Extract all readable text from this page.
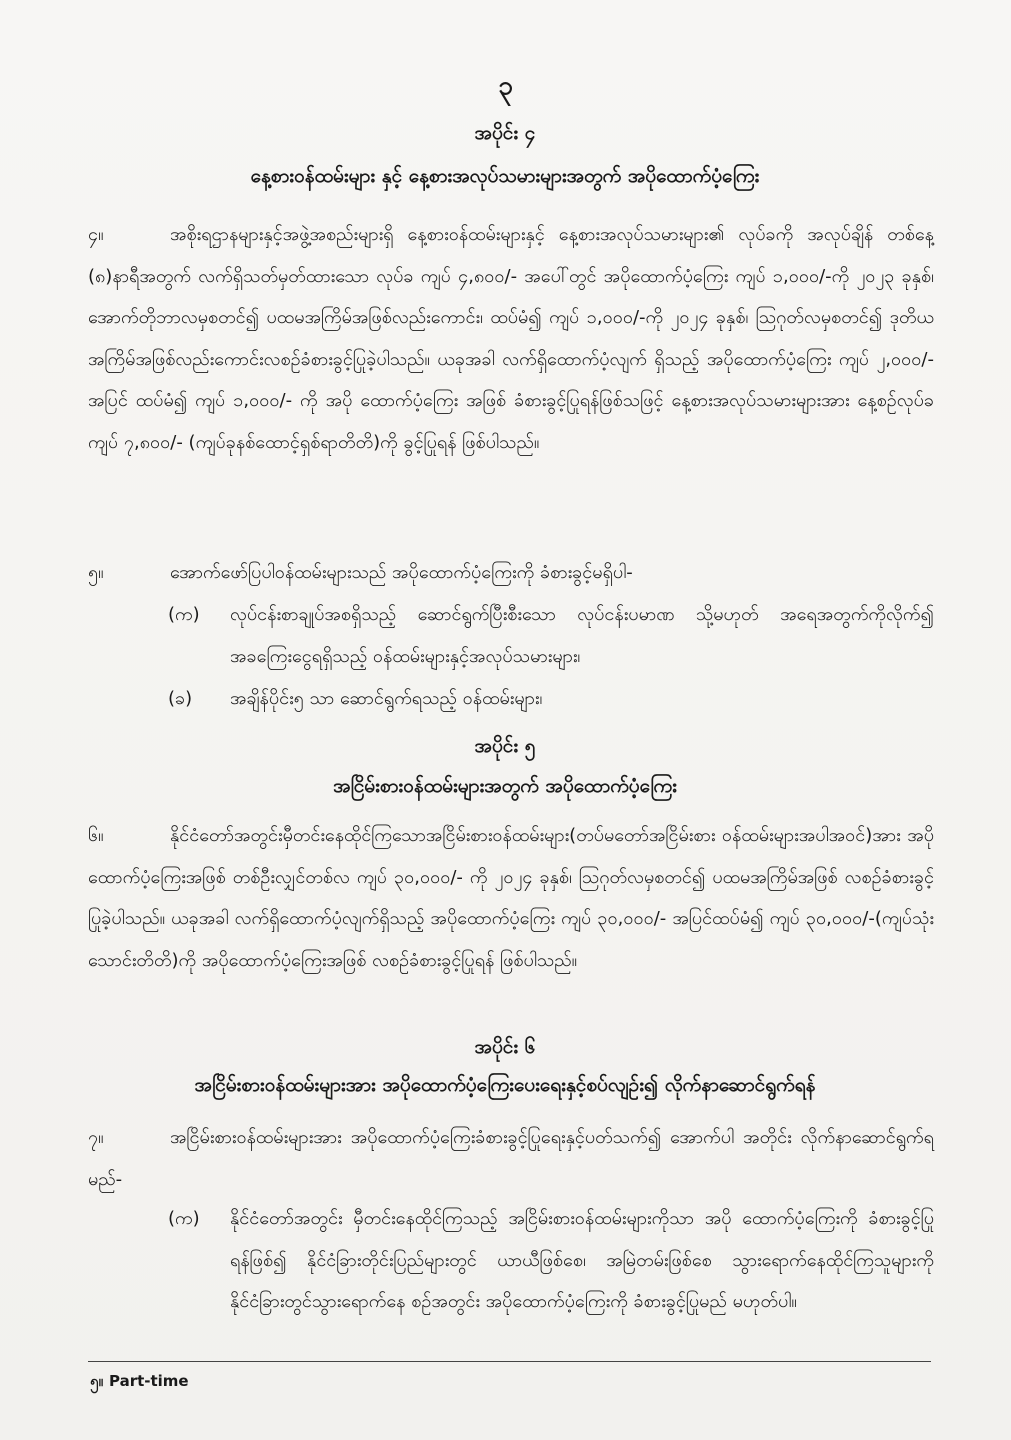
၃
အပိုင်း ၄
နေ့စားဝန်ထမ်းများ နှင့် နေ့စားအလုပ်သမားများအတွက် အပိုထောက်ပံ့ကြေး
၄။	အစိုးရဌာနများနှင့်အဖွဲ့အစည်းများရှိ နေ့စားဝန်ထမ်းများနှင့် နေ့စားအလုပ်သမားများ၏ လုပ်ခကို အလုပ်ချိန် တစ်နေ့ (၈)နာရီအတွက် လက်ရှိသတ်မှတ်ထားသော လုပ်ခ ကျပ် ၄,၈၀၀/- အပေါ်တွင် အပိုထောက်ပံ့ကြေး ကျပ် ၁,၀၀၀/-ကို ၂၀၂၃ ခုနှစ်၊ အောက်တိုဘာလမှစတင်၍ ပထမအကြိမ်အဖြစ်လည်းကောင်း၊ ထပ်မံ၍ ကျပ် ၁,၀၀၀/-ကို ၂၀၂၄ ခုနှစ်၊ ဩဂုတ်လမှစတင်၍ ဒုတိယအကြိမ်အဖြစ်လည်းကောင်းလစဉ်ခံစားခွင့်ပြုခဲ့ပါသည်။ ယခုအခါ လက်ရှိထောက်ပံ့လျက် ရှိသည့် အပိုထောက်ပံ့ကြေး ကျပ် ၂,၀၀၀/-အပြင် ထပ်မံ၍ ကျပ် ၁,၀၀၀/- ကို အပို ထောက်ပံ့ကြေး အဖြစ် ခံစားခွင့်ပြုရန်ဖြစ်သဖြင့် နေ့စားအလုပ်သမားများအား နေ့စဉ်လုပ်ခ ကျပ် ၇,၈၀၀/- (ကျပ်ခုနစ်ထောင့်ရှစ်ရာတိတိ)ကို ခွင့်ပြုရန် ဖြစ်ပါသည်။
၅။	အောက်ဖော်ပြပါဝန်ထမ်းများသည် အပိုထောက်ပံ့ကြေးကို ခံစားခွင့်မရှိပါ-
(က)	လုပ်ငန်းစာချုပ်အစရှိသည့် ဆောင်ရွက်ပြီးစီးသော လုပ်ငန်းပမာဏ သို့မဟုတ် အရေအတွက်ကိုလိုက်၍ အခကြေးငွေရရှိသည့် ဝန်ထမ်းများနှင့်အလုပ်သမားများ၊
(ခ)	အချိန်ပိုင်း၅ သာ ဆောင်ရွက်ရသည့် ဝန်ထမ်းများ၊
အပိုင်း ၅
အငြိမ်းစားဝန်ထမ်းများအတွက် အပိုထောက်ပံ့ကြေး
၆။	နိုင်ငံတော်အတွင်းမှီတင်းနေထိုင်ကြသောအငြိမ်းစားဝန်ထမ်းများ(တပ်မတော်အငြိမ်းစား ဝန်ထမ်းများအပါအဝင်)အား အပိုထောက်ပံ့ကြေးအဖြစ် တစ်ဦးလျှင်တစ်လ ကျပ် ၃၀,၀၀၀/- ကို ၂၀၂၄ ခုနှစ်၊ ဩဂုတ်လမှစတင်၍ ပထမအကြိမ်အဖြစ် လစဉ်ခံစားခွင့်ပြုခဲ့ပါသည်။ ယခုအခါ လက်ရှိထောက်ပံ့လျက်ရှိသည့် အပိုထောက်ပံ့ကြေး ကျပ် ၃၀,၀၀၀/- အပြင်ထပ်မံ၍ ကျပ် ၃၀,၀၀၀/-(ကျပ်သုံးသောင်းတိတိ)ကို အပိုထောက်ပံ့ကြေးအဖြစ် လစဉ်ခံစားခွင့်ပြုရန် ဖြစ်ပါသည်။
အပိုင်း ၆
အငြိမ်းစားဝန်ထမ်းများအား အပိုထောက်ပံ့ကြေးပေးရေးနှင့်စပ်လျဉ်း၍ လိုက်နာဆောင်ရွက်ရန်
၇။	အငြိမ်းစားဝန်ထမ်းများအား အပိုထောက်ပံ့ကြေးခံစားခွင့်ပြုရေးနှင့်ပတ်သက်၍ အောက်ပါ အတိုင်း လိုက်နာဆောင်ရွက်ရမည်-
(က)	နိုင်ငံတော်အတွင်း မှီတင်းနေထိုင်ကြသည့် အငြိမ်းစားဝန်ထမ်းများကိုသာ အပို ထောက်ပံ့ကြေးကို ခံစားခွင့်ပြုရန်ဖြစ်၍ နိုင်ငံခြားတိုင်းပြည်များတွင် ယာယီဖြစ်စေ၊ အမြဲတမ်းဖြစ်စေ သွားရောက်နေထိုင်ကြသူများကို နိုင်ငံခြားတွင်သွားရောက်နေ စဉ်အတွင်း အပိုထောက်ပံ့ကြေးကို ခံစားခွင့်ပြုမည် မဟုတ်ပါ။
၅။ Part-time
